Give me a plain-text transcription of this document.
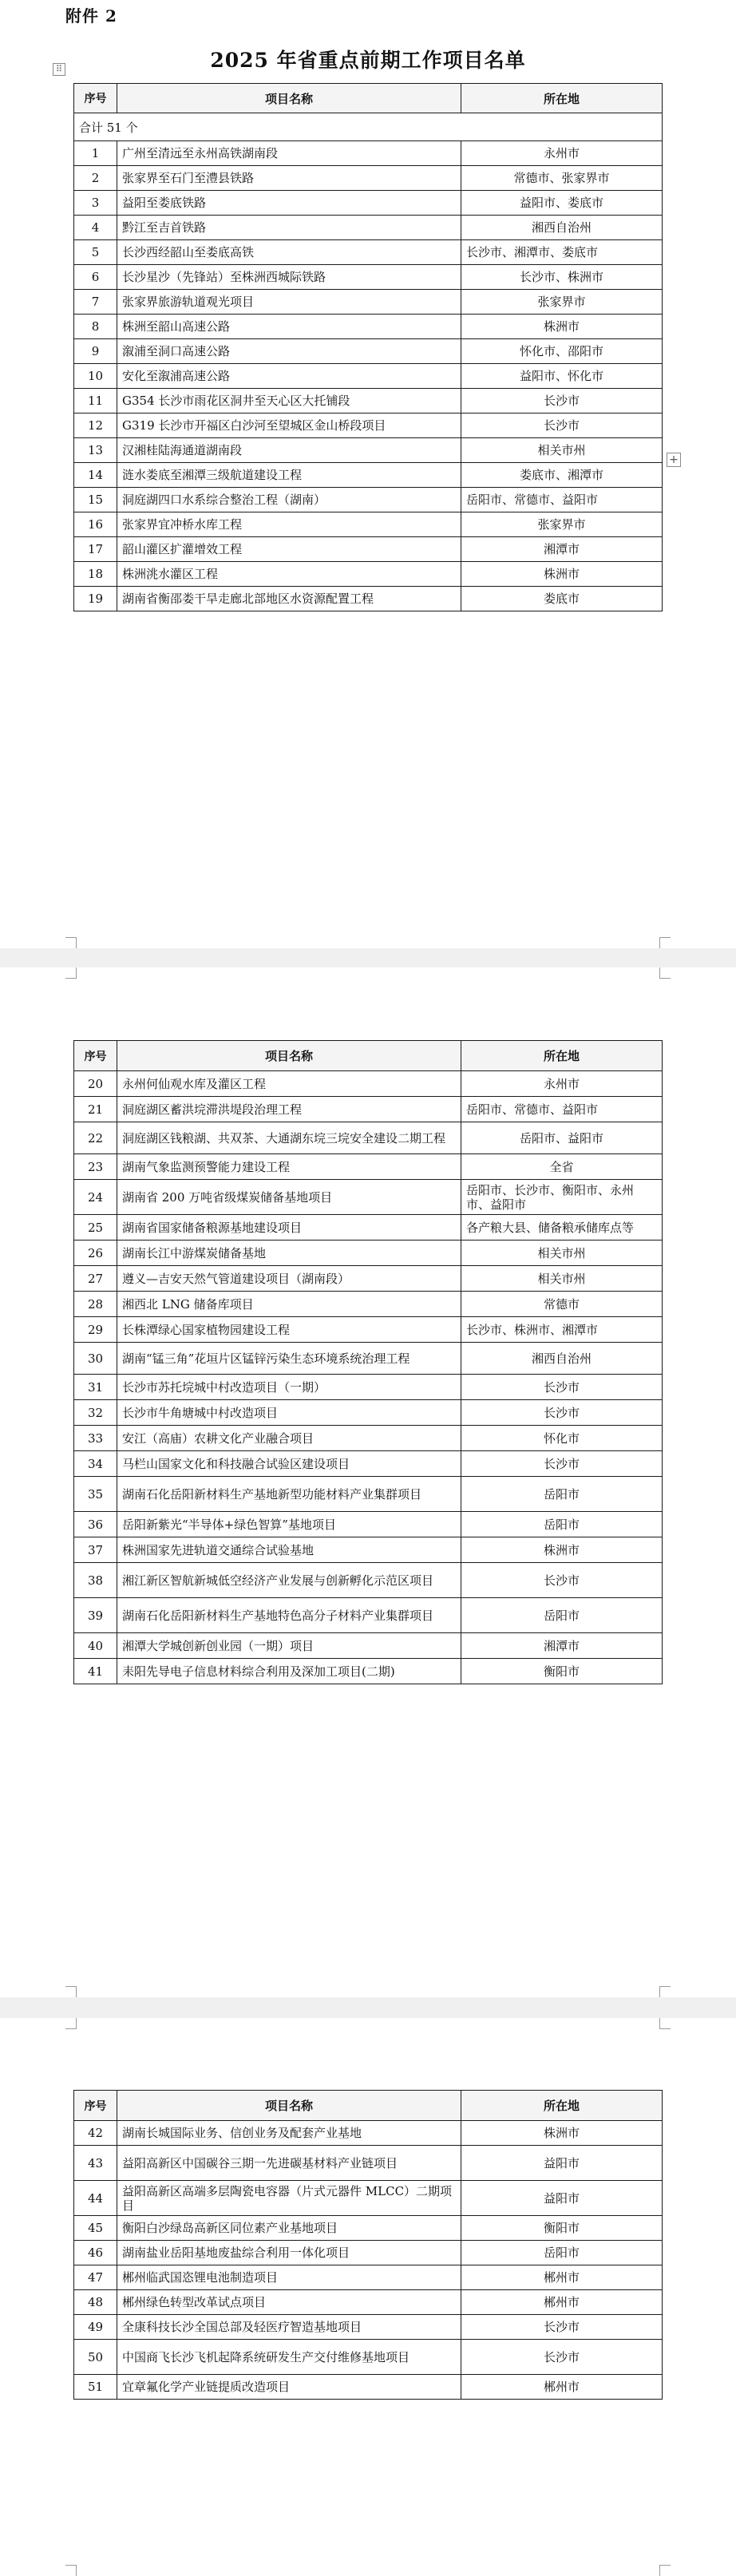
附件 2
2025 年省重点前期工作项目名单
⠿
+
序号	项目名称	所在地
合计 51 个		
1	广州至清远至永州高铁湖南段	永州市
2	张家界至石门至澧县铁路	常德市、张家界市
3	益阳至娄底铁路	益阳市、娄底市
4	黔江至吉首铁路	湘西自治州
5	长沙西经韶山至娄底高铁	长沙市、湘潭市、娄底市
6	长沙星沙（先锋站）至株洲西城际铁路	长沙市、株洲市
7	张家界旅游轨道观光项目	张家界市
8	株洲至韶山高速公路	株洲市
9	溆浦至洞口高速公路	怀化市、邵阳市
10	安化至溆浦高速公路	益阳市、怀化市
11	G354 长沙市雨花区洞井至天心区大托铺段	长沙市
12	G319 长沙市开福区白沙河至望城区金山桥段项目	长沙市
13	汉湘桂陆海通道湖南段	相关市州
14	涟水娄底至湘潭三级航道建设工程	娄底市、湘潭市
15	洞庭湖四口水系综合整治工程（湖南）	岳阳市、常德市、益阳市
16	张家界宜冲桥水库工程	张家界市
17	韶山灌区扩灌增效工程	湘潭市
18	株洲洮水灌区工程	株洲市
19	湖南省衡邵娄干旱走廊北部地区水资源配置工程	娄底市
序号	项目名称	所在地
20	永州何仙观水库及灌区工程	永州市
21	洞庭湖区蓄洪垸滞洪堤段治理工程	岳阳市、常德市、益阳市
22	洞庭湖区钱粮湖、共双茶、大通湖东垸三垸安全建设二期工程	岳阳市、益阳市
23	湖南气象监测预警能力建设工程	全省
24	湖南省 200 万吨省级煤炭储备基地项目	岳阳市、长沙市、衡阳市、永州市、益阳市
25	湖南省国家储备粮源基地建设项目	各产粮大县、储备粮承储库点等
26	湖南长江中游煤炭储备基地	相关市州
27	遵义—吉安天然气管道建设项目（湖南段）	相关市州
28	湘西北 LNG 储备库项目	常德市
29	长株潭绿心国家植物园建设工程	长沙市、株洲市、湘潭市
30	湖南“锰三角”花垣片区锰锌污染生态环境系统治理工程	湘西自治州
31	长沙市苏托垸城中村改造项目（一期）	长沙市
32	长沙市牛角塘城中村改造项目	长沙市
33	安江（高庙）农耕文化产业融合项目	怀化市
34	马栏山国家文化和科技融合试验区建设项目	长沙市
35	湖南石化岳阳新材料生产基地新型功能材料产业集群项目	岳阳市
36	岳阳新紫光“半导体+绿色智算”基地项目	岳阳市
37	株洲国家先进轨道交通综合试验基地	株洲市
38	湘江新区智航新城低空经济产业发展与创新孵化示范区项目	长沙市
39	湖南石化岳阳新材料生产基地特色高分子材料产业集群项目	岳阳市
40	湘潭大学城创新创业园（一期）项目	湘潭市
41	耒阳先导电子信息材料综合利用及深加工项目(二期)	衡阳市
序号	项目名称	所在地
42	湖南长城国际业务、信创业务及配套产业基地	株洲市
43	益阳高新区中国碳谷三期一先进碳基材料产业链项目	益阳市
44	益阳高新区高端多层陶瓷电容器（片式元器件 MLCC）二期项目	益阳市
45	衡阳白沙绿岛高新区同位素产业基地项目	衡阳市
46	湖南盐业岳阳基地废盐综合利用一体化项目	岳阳市
47	郴州临武国恣锂电池制造项目	郴州市
48	郴州绿色转型改革试点项目	郴州市
49	全康科技长沙全国总部及轻医疗智造基地项目	长沙市
50	中国商飞长沙飞机起降系统研发生产交付维修基地项目	长沙市
51	宜章氟化学产业链提质改造项目	郴州市
